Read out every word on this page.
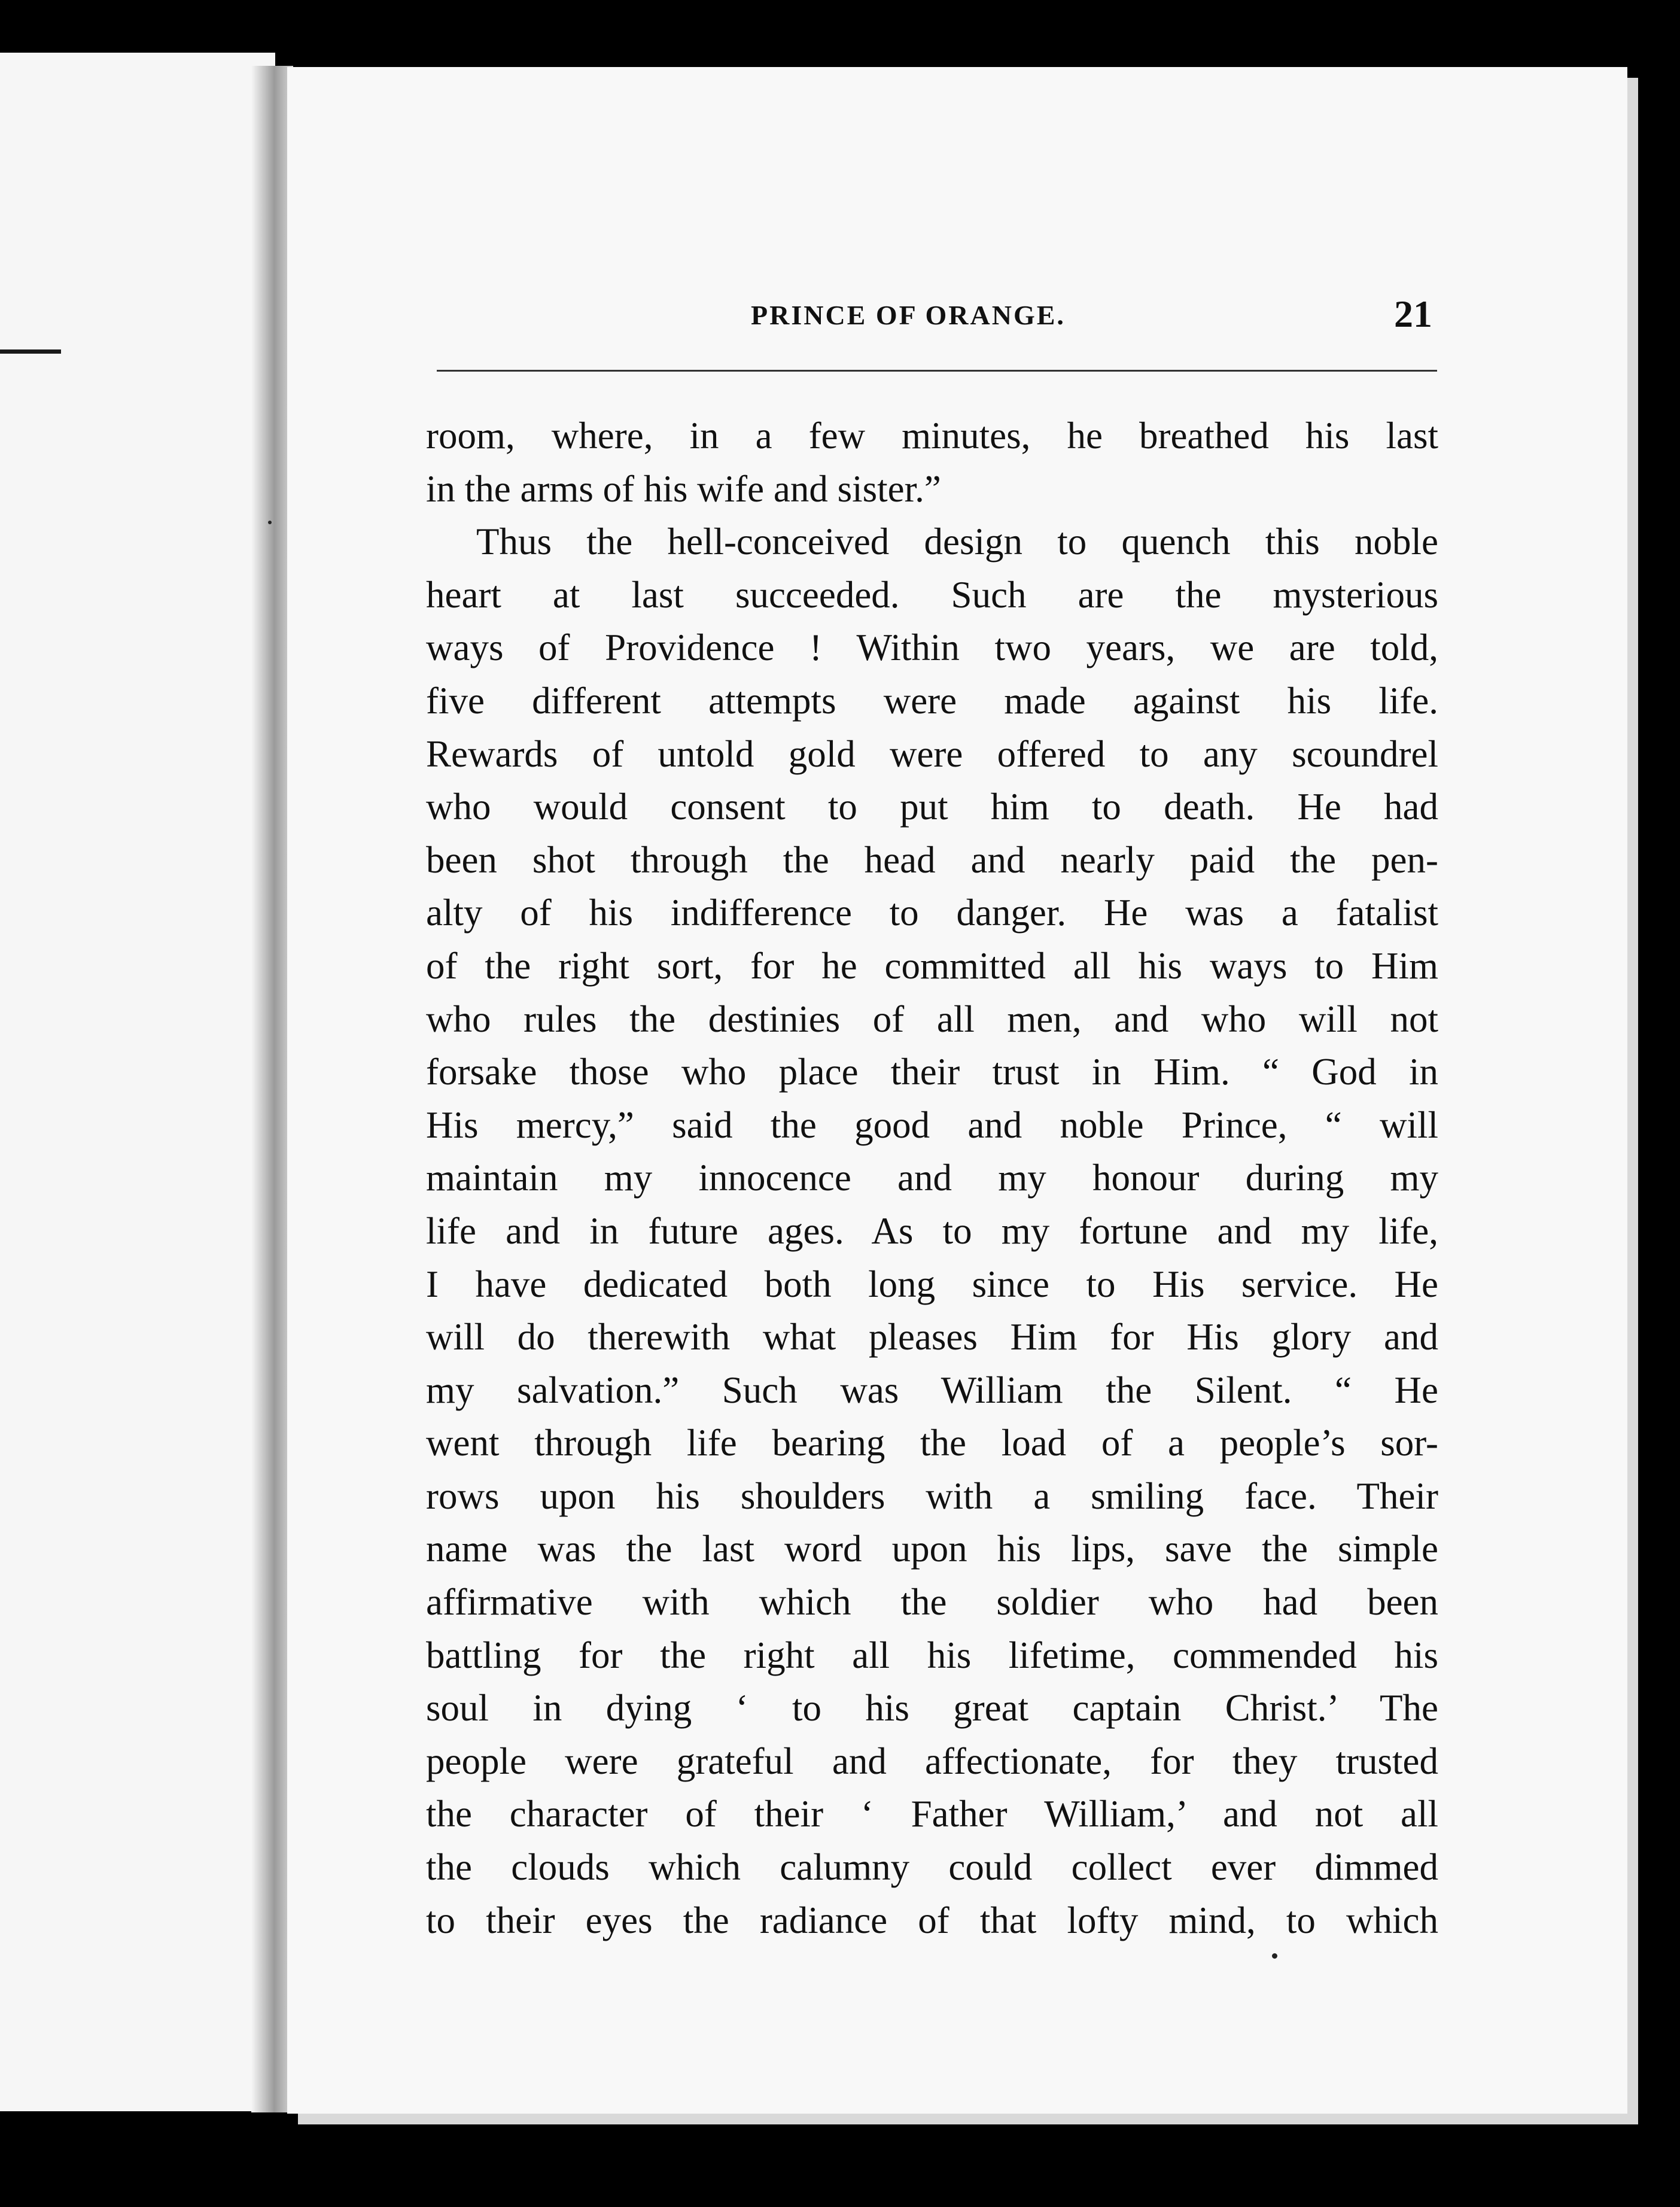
PRINCE OF ORANGE.	21
room, where, in a few minutes, he breathed his last
in the arms of his wife and sister.”
Thus the hell-conceived design to quench this noble
heart at last succeeded. Such are the mysterious
ways of Providence ! Within two years, we are told,
five different attempts were made against his life.
Rewards of untold gold were offered to any scoundrel
who would consent to put him to death. He had
been shot through the head and nearly paid the pen-
alty of his indifference to danger. He was a fatalist
of the right sort, for he committed all his ways to Him
who rules the destinies of all men, and who will not
forsake those who place their trust in Him. “ God in
His mercy,” said the good and noble Prince, “ will
maintain my innocence and my honour during my
life and in future ages. As to my fortune and my life,
I have dedicated both long since to His service. He
will do therewith what pleases Him for His glory and
my salvation.” Such was William the Silent. “ He
went through life bearing the load of a people’s sor-
rows upon his shoulders with a smiling face. Their
name was the last word upon his lips, save the simple
affirmative with which the soldier who had been
battling for the right all his lifetime, commended his
soul in dying ‘ to his great captain Christ.’ The
people were grateful and affectionate, for they trusted
the character of their ‘ Father William,’ and not all
the clouds which calumny could collect ever dimmed
to their eyes the radiance of that lofty mind, to which
